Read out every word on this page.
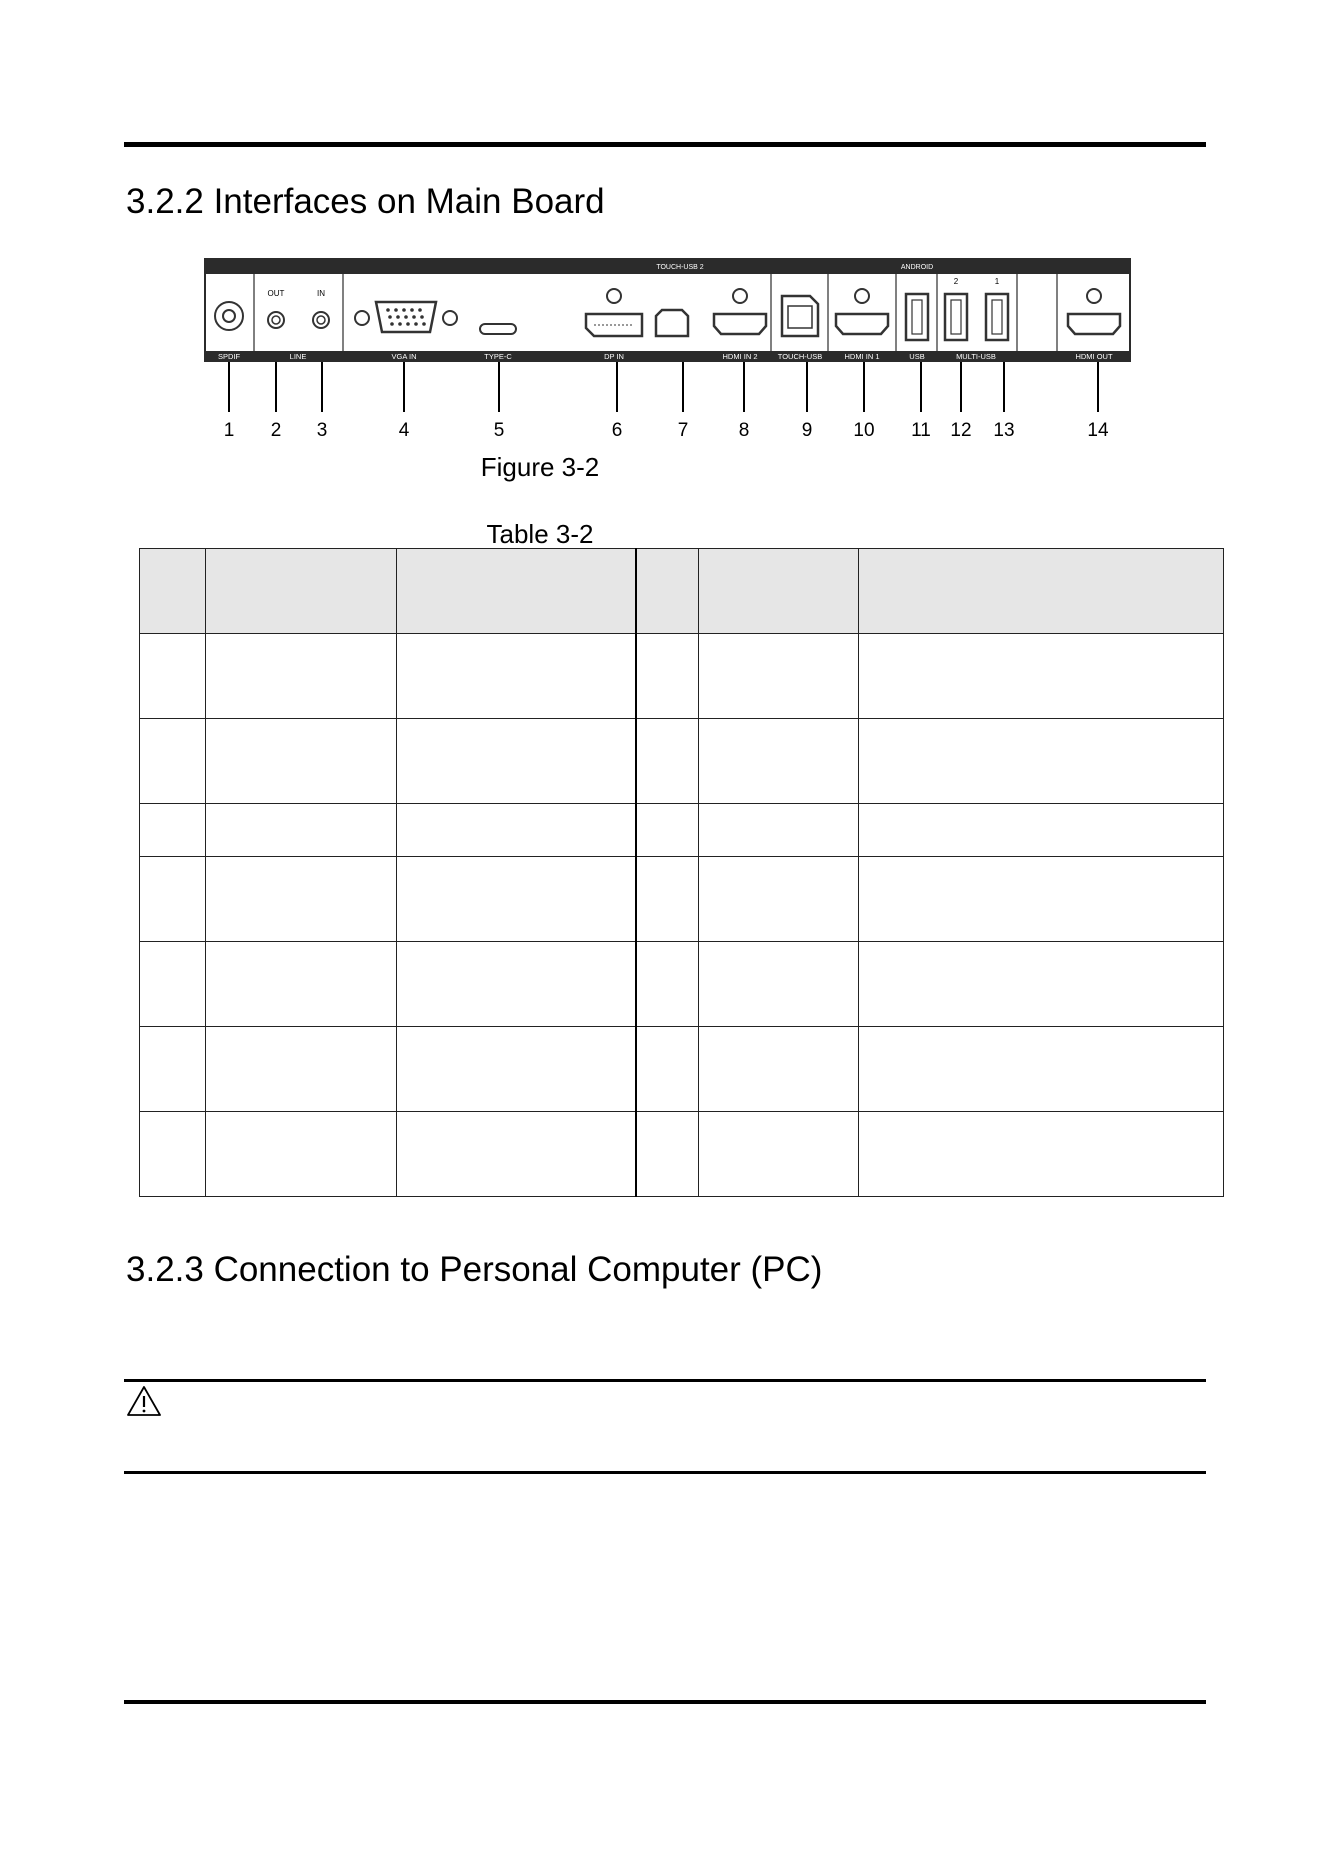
3.2.2 Interfaces on Main Board
TOUCH-USB 2	ANDROID
OUT	IN
2	1
SPDIF	LINE	VGA IN	TYPE-C	DP IN	HDMI IN 2	TOUCH-USB	HDMI IN 1	USB	MULTI-USB	HDMI OUT
1 2 3	4	5	6	7	8	9 10 11 12 13	14
Figure 3-2
Table 3-2

3.2.3 Connection to Personal Computer (PC)
